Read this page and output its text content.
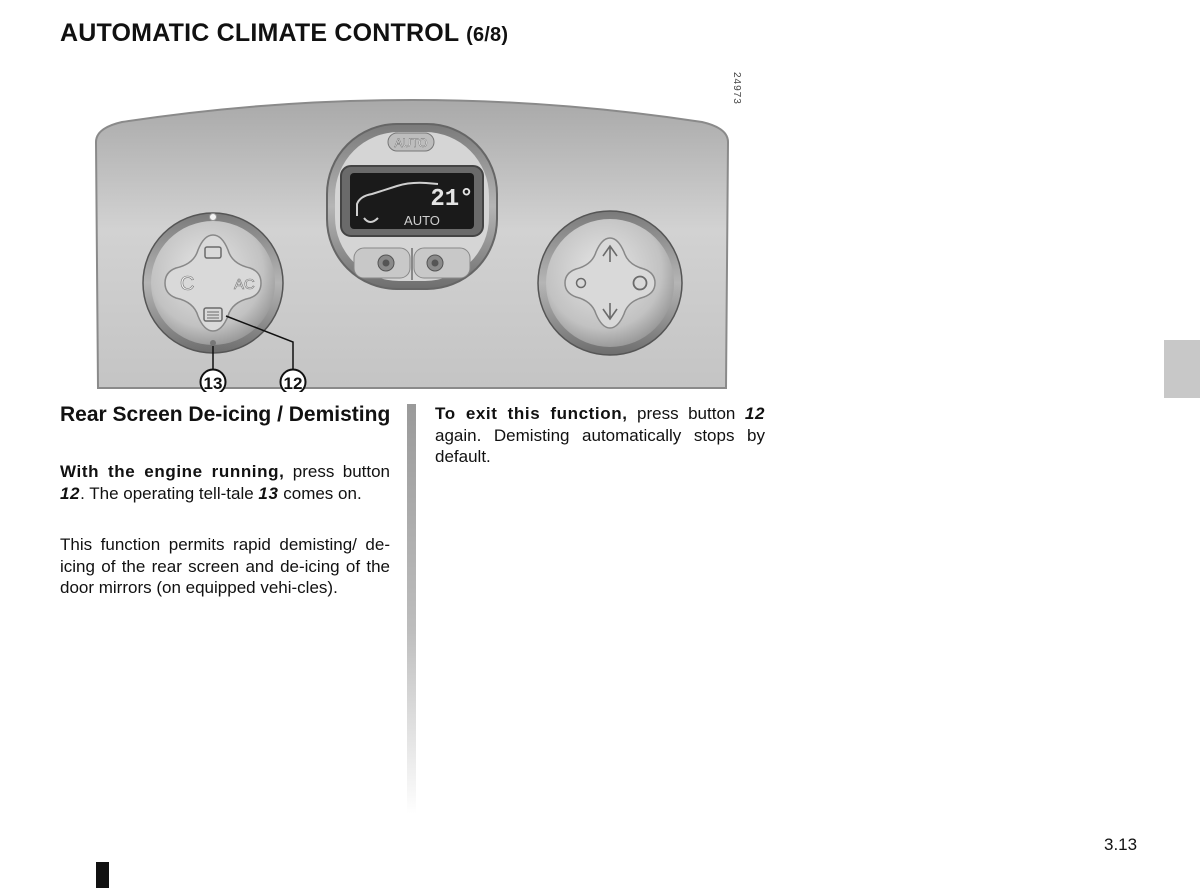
AUTOMATIC CLIMATE CONTROL (6/8)
24973
AUTO
21°
AUTO
C	AC
13	12
Rear Screen De-icing / Demisting

With the engine running, press button 12. The operating tell-tale 13 comes on.

This function permits rapid demisting/ de-icing of the rear screen and de-icing of the door mirrors (on equipped vehi-cles).

To exit this function, press button 12 again. Demisting automatically stops by default.

3.13
